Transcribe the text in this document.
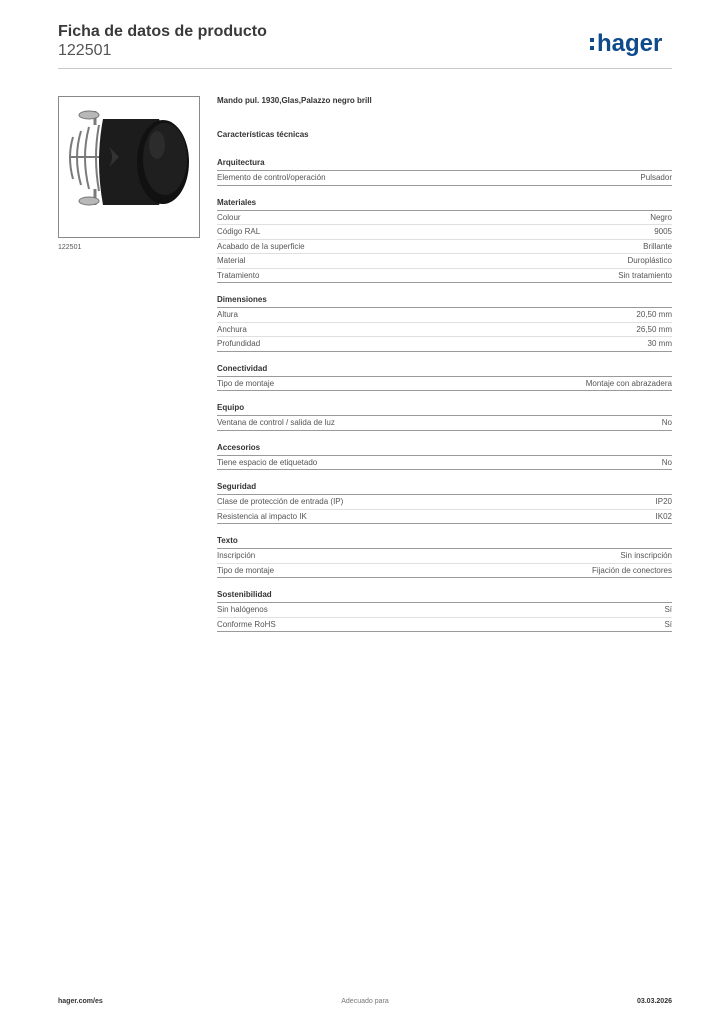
Ficha de datos de producto
122501	hager
122501
Mando pul. 1930,Glas,Palazzo negro brill
Características técnicas
Arquitectura
Elemento de control/operación	Pulsador
Materiales
Colour	Negro
Código RAL	9005
Acabado de la superficie	Brillante
Material	Duroplástico
Tratamiento	Sin tratamiento
Dimensiones
Altura	20,50 mm
Anchura	26,50 mm
Profundidad	30 mm
Conectividad
Tipo de montaje	Montaje con abrazadera
Equipo
Ventana de control / salida de luz	No
Accesorios
Tiene espacio de etiquetado	No
Seguridad
Clase de protección de entrada (IP)	IP20
Resistencia al impacto IK	IK02
Texto
Inscripción	Sin inscripción
Tipo de montaje	Fijación de conectores
Sostenibilidad
Sin halógenos	Sí
Conforme RoHS	Sí
hager.com/es	Adecuado para	03.03.2026
